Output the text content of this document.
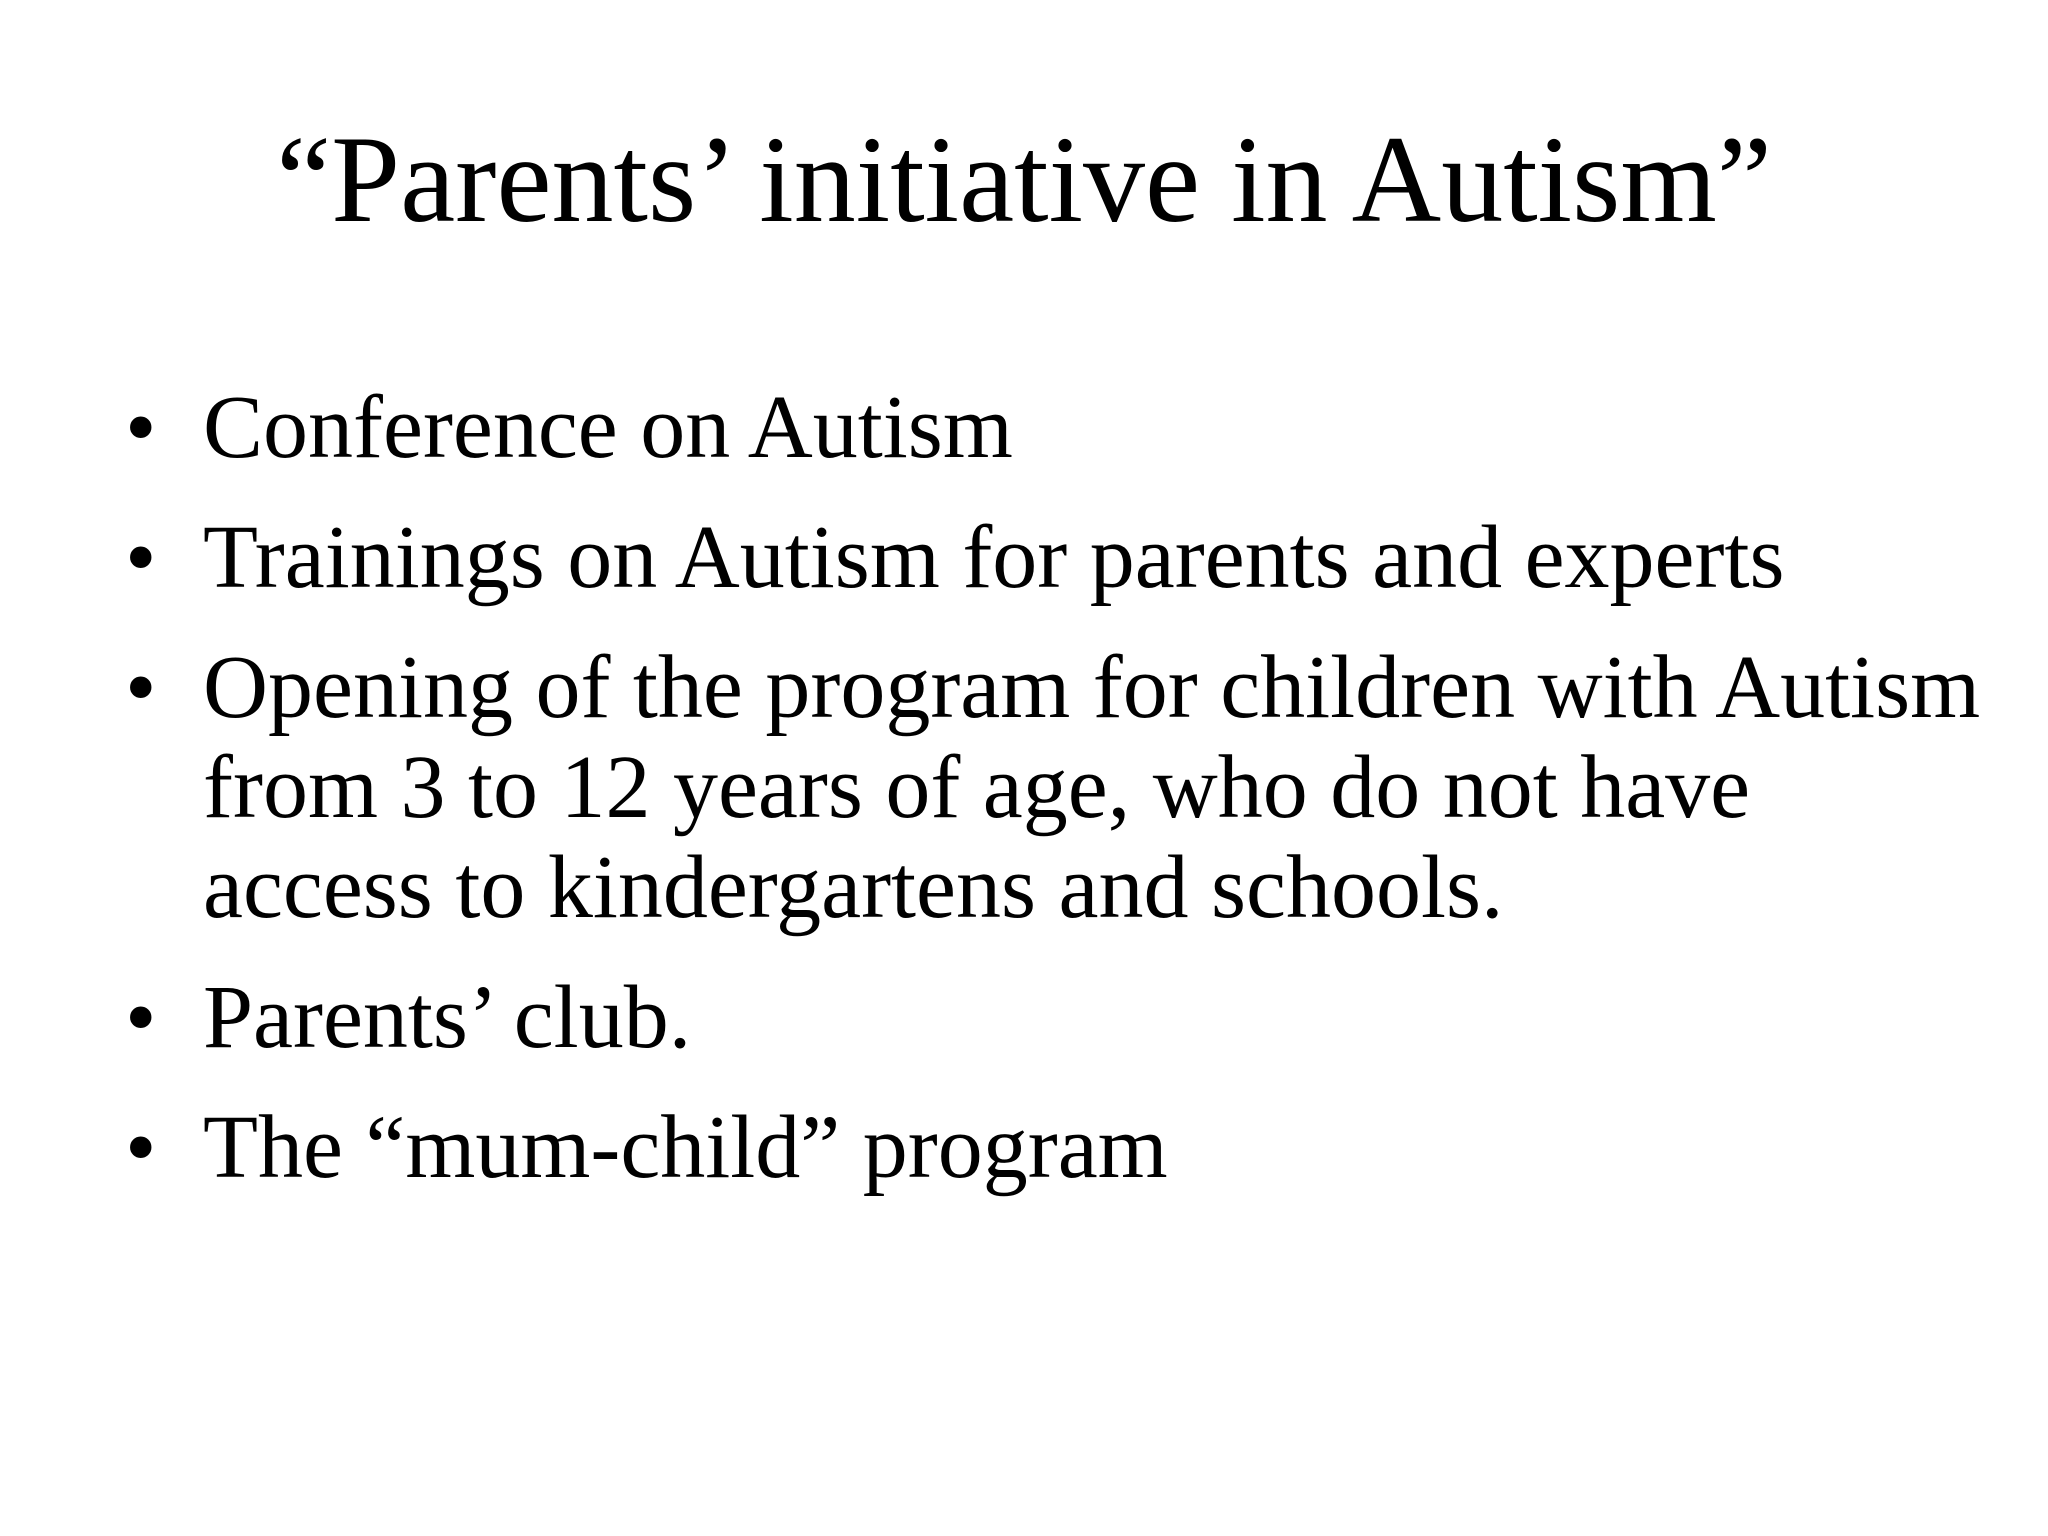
“Parents’ initiative in Autism”
• Conference on Autism
• Trainings on Autism for parents and experts
• Opening of the program for children with Autism from 3 to 12 years of age, who do not have access to kindergartens and schools.
• Parents’ club.
• The “mum-child” program
